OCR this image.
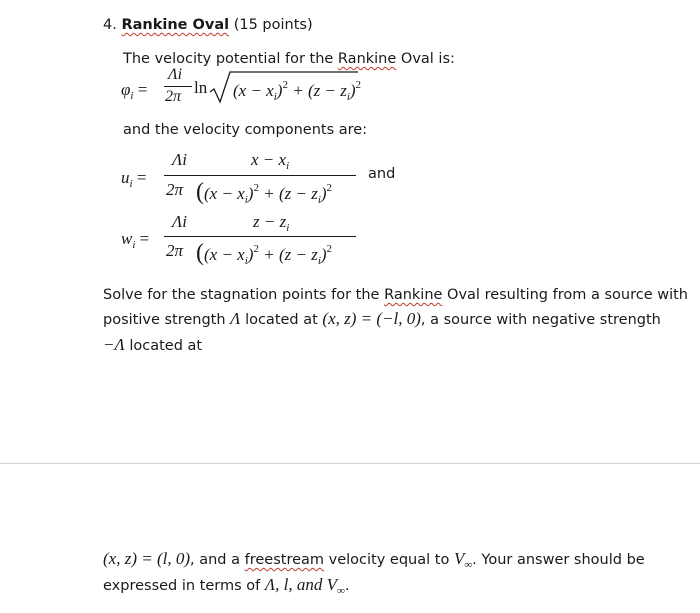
4. Rankine Oval (15 points)
The velocity potential for the Rankine Oval is:
$\varphi_i$ =
Λi
2π $\ln (x - x_i)^2 + (z - z_i)^2$
and the velocity components are:
$u_i$ =
Λi	$x - x_i$
2π ($(x - x_i)^2 + (z - z_i)^2$
and
$w_i$ =
Λi	$z - z_i$
2π ($(x - x_i)^2 + (z - z_i)^2$
Solve for the stagnation points for the Rankine Oval resulting from a source with
positive strength Λ located at (x, z) = (−l, 0), a source with negative strength
−Λ located at
(x, z) = (l, 0), and a freestream velocity equal to $V_\infty$. Your answer should be
expressed in terms of Λ, l, and $V_\infty$.
